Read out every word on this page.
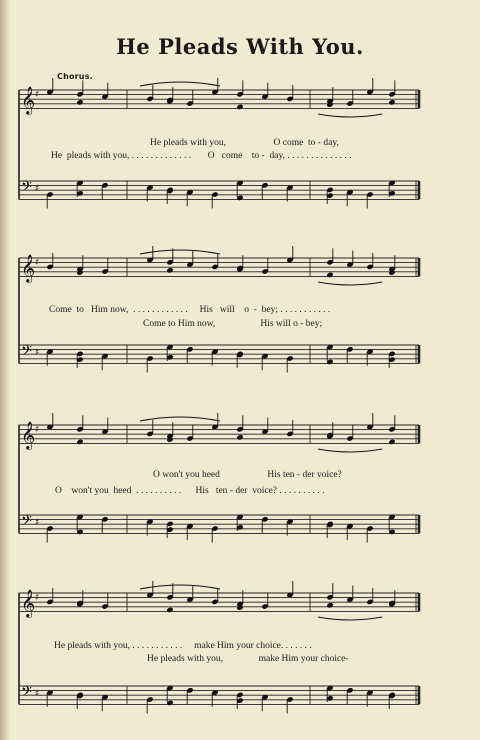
He Pleads With You.
Chorus.
𝄞 ♯
𝄢 ♯
𝄞 ♯
𝄢 ♯
𝄞 ♯
𝄢 ♯
𝄞 ♯
𝄢 ♯
He pleads with you,                    O come  to - day,
He  pleads with you, . . . . . . . . . . . . .       O   come    to -  day, . . . . . . . . . . . . . .
Come  to   Him now,  . . . . . . . . . . . .     His   will    o  -  bey; . . . . . . . . . . .
Come to Him now,                   His will o - bey;
O won't you heed                    His ten - der voice?
O    won't you  heed  . . . . . . . . . .      His   ten - der  voice? . . . . . . . . . .
He pleads with you, . . . . . . . . . . .     make Him your choice. . . . . . .
He pleads with you,               make Him your choice-
